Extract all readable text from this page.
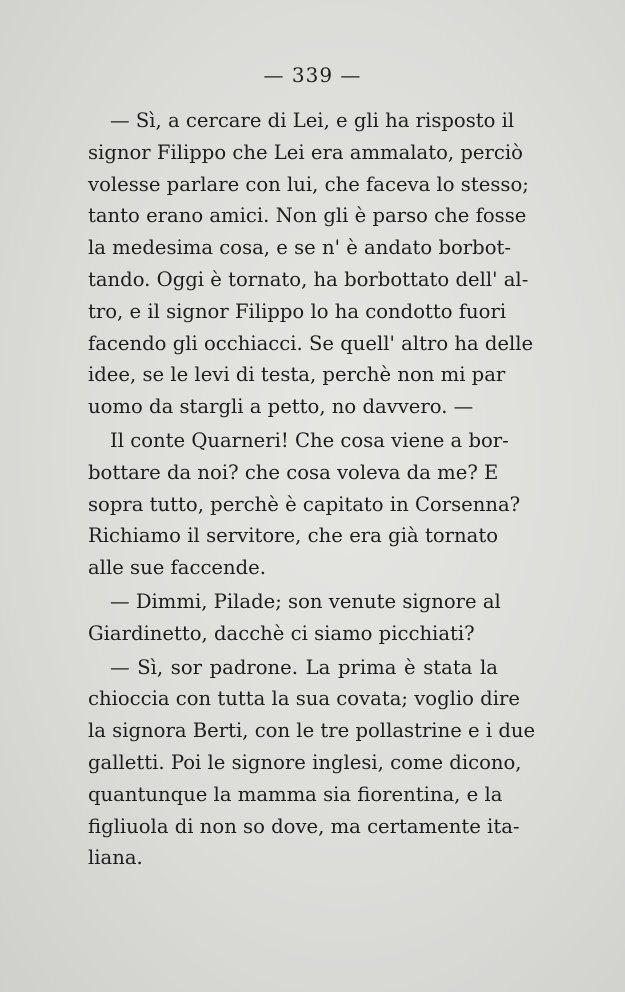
— 339 —
— Sì, a cercare di Lei, e gli ha risposto il
signor Filippo che Lei era ammalato, perciò
volesse parlare con lui, che faceva lo stesso;
tanto erano amici. Non gli è parso che fosse
la medesima cosa, e se n' è andato borbot-
tando. Oggi è tornato, ha borbottato dell' al-
tro, e il signor Filippo lo ha condotto fuori
facendo gli occhiacci. Se quell' altro ha delle
idee, se le levi di testa, perchè non mi par
uomo da stargli a petto, no davvero. —
Il conte Quarneri! Che cosa viene a bor-
bottare da noi? che cosa voleva da me? E
sopra tutto, perchè è capitato in Corsenna?
Richiamo il servitore, che era già tornato
alle sue faccende.
— Dimmi, Pilade; son venute signore al
Giardinetto, dacchè ci siamo picchiati?
— Sì, sor padrone. La prima è stata la
chioccia con tutta la sua covata; voglio dire
la signora Berti, con le tre pollastrine e i due
galletti. Poi le signore inglesi, come dicono,
quantunque la mamma sia fiorentina, e la
figliuola di non so dove, ma certamente ita-
liana.
